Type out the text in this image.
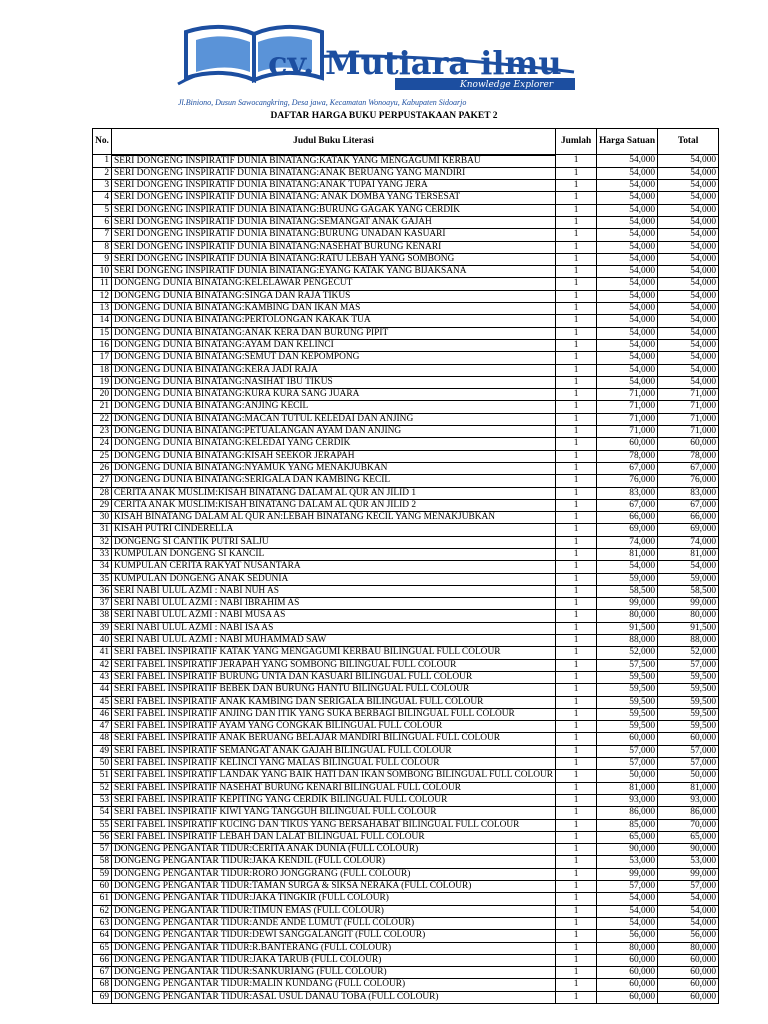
cv. Mutiara ilmu
Knowledge Explorer
Jl.Biniono, Dusun Sawocangkring, Desa jawa, Kecamatan Wonoayu, Kabupaten Sidoarjo
DAFTAR HARGA BUKU PERPUSTAKAAN PAKET 2
No.	Judul Buku Literasi	Jumlah	Harga Satuan	Total
1	SERI DONGENG INSPIRATIF DUNIA BINATANG:KATAK YANG MENGAGUMI KERBAU	1	54,000	54,000
2	SERI DONGENG INSPIRATIF DUNIA BINATANG:ANAK BERUANG YANG MANDIRI	1	54,000	54,000
3	SERI DONGENG INSPIRATIF DUNIA BINATANG:ANAK TUPAI YANG JERA	1	54,000	54,000
4	SERI DONGENG INSPIRATIF DUNIA BINATANG: ANAK DOMBA YANG TERSESAT	1	54,000	54,000
5	SERI DONGENG INSPIRATIF DUNIA BINATANG:BURUNG GAGAK YANG CERDIK	1	54,000	54,000
6	SERI DONGENG INSPIRATIF DUNIA BINATANG:SEMANGAT ANAK GAJAH	1	54,000	54,000
7	SERI DONGENG INSPIRATIF DUNIA BINATANG:BURUNG UNADAN KASUARI	1	54,000	54,000
8	SERI DONGENG INSPIRATIF DUNIA BINATANG:NASEHAT BURUNG KENARI	1	54,000	54,000
9	SERI DONGENG INSPIRATIF DUNIA BINATANG:RATU LEBAH YANG SOMBONG	1	54,000	54,000
10	SERI DONGENG INSPIRATIF DUNIA BINATANG:EYANG KATAK YANG BIJAKSANA	1	54,000	54,000
11	DONGENG DUNIA BINATANG:KELELAWAR PENGECUT	1	54,000	54,000
12	DONGENG DUNIA BINATANG:SINGA DAN RAJA TIKUS	1	54,000	54,000
13	DONGENG DUNIA BINATANG:KAMBING DAN IKAN MAS	1	54,000	54,000
14	DONGENG DUNIA BINATANG:PERTOLONGAN KAKAK TUA	1	54,000	54,000
15	DONGENG DUNIA BINATANG:ANAK KERA DAN BURUNG PIPIT	1	54,000	54,000
16	DONGENG DUNIA BINATANG:AYAM DAN KELINCI	1	54,000	54,000
17	DONGENG DUNIA BINATANG:SEMUT DAN KEPOMPONG	1	54,000	54,000
18	DONGENG DUNIA BINATANG:KERA JADI RAJA	1	54,000	54,000
19	DONGENG DUNIA BINATANG:NASIHAT IBU TIKUS	1	54,000	54,000
20	DONGENG DUNIA BINATANG:KURA KURA SANG JUARA	1	71,000	71,000
21	DONGENG DUNIA BINATANG:ANJING KECIL	1	71,000	71,000
22	DONGENG DUNIA BINATANG:MACAN TUTUL KELEDAI DAN ANJING	1	71,000	71,000
23	DONGENG DUNIA BINATANG:PETUALANGAN AYAM DAN ANJING	1	71,000	71,000
24	DONGENG DUNIA BINATANG:KELEDAI YANG CERDIK	1	60,000	60,000
25	DONGENG DUNIA BINATANG:KISAH SEEKOR JERAPAH	1	78,000	78,000
26	DONGENG DUNIA BINATANG:NYAMUK YANG MENAKJUBKAN	1	67,000	67,000
27	DONGENG DUNIA BINATANG:SERIGALA DAN KAMBING KECIL	1	76,000	76,000
28	CERITA ANAK MUSLIM:KISAH BINATANG DALAM AL QUR AN JILID 1	1	83,000	83,000
29	CERITA ANAK MUSLIM:KISAH BINATANG DALAM AL QUR AN JILID 2	1	67,000	67,000
30	KISAH BINATANG DALAM AL QUR AN:LEBAH BINATANG KECIL YANG MENAKJUBKAN	1	66,000	66,000
31	KISAH PUTRI CINDERELLA	1	69,000	69,000
32	DONGENG SI CANTIK PUTRI SALJU	1	74,000	74,000
33	KUMPULAN DONGENG SI KANCIL	1	81,000	81,000
34	KUMPULAN CERITA RAKYAT NUSANTARA	1	54,000	54,000
35	KUMPULAN DONGENG ANAK SEDUNIA	1	59,000	59,000
36	SERI NABI ULUL AZMI : NABI NUH AS	1	58,500	58,500
37	SERI NABI ULUL AZMI : NABI IBRAHIM AS	1	99,000	99,000
38	SERI NABI ULUL AZMI : NABI MUSA AS	1	80,000	80,000
39	SERI NABI ULUL AZMI : NABI ISA AS	1	91,500	91,500
40	SERI NABI ULUL AZMI : NABI MUHAMMAD SAW	1	88,000	88,000
41	SERI FABEL INSPIRATIF KATAK YANG MENGAGUMI KERBAU BILINGUAL FULL COLOUR	1	52,000	52,000
42	SERI FABEL INSPIRATIF JERAPAH YANG SOMBONG BILINGUAL FULL COLOUR	1	57,500	57,000
43	SERI FABEL INSPIRATIF BURUNG UNTA DAN KASUARI BILINGUAL FULL COLOUR	1	59,500	59,500
44	SERI FABEL INSPIRATIF BEBEK DAN BURUNG HANTU BILINGUAL FULL COLOUR	1	59,500	59,500
45	SERI FABEL INSPIRATIF ANAK KAMBING DAN SERIGALA BILINGUAL FULL COLOUR	1	59,500	59,500
46	SERI FABEL INSPIRATIF ANJING DAN ITIK YANG SUKA BERBAGI BILINGUAL FULL COLOUR	1	59,500	59,500
47	SERI FABEL INSPIRATIF AYAM YANG CONGKAK BILINGUAL FULL COLOUR	1	59,500	59,500
48	SERI FABEL INSPIRATIF ANAK BERUANG BELAJAR MANDIRI BILINGUAL FULL COLOUR	1	60,000	60,000
49	SERI FABEL INSPIRATIF SEMANGAT ANAK GAJAH BILINGUAL FULL COLOUR	1	57,000	57,000
50	SERI FABEL INSPIRATIF KELINCI YANG MALAS BILINGUAL FULL COLOUR	1	57,000	57,000
51	SERI FABEL INSPIRATIF LANDAK YANG BAIK HATI DAN IKAN SOMBONG BILINGUAL FULL COLOUR	1	50,000	50,000
52	SERI FABEL INSPIRATIF NASEHAT BURUNG KENARI BILINGUAL FULL COLOUR	1	81,000	81,000
53	SERI FABEL INSPIRATIF KEPITING YANG CERDIK BILINGUAL FULL COLOUR	1	93,000	93,000
54	SERI FABEL INSPIRATIF KIWI YANG TANGGUH BILINGUAL FULL COLOUR	1	86,000	86,000
55	SERI FABEL INSPIRATIF KUCING DAN TIKUS YANG BERSAHABAT BILINGUAL FULL COLOUR	1	85,000	70,000
56	SERI FABEL INSPIRATIF LEBAH DAN LALAT BILINGUAL FULL COLOUR	1	65,000	65,000
57	DONGENG PENGANTAR TIDUR:CERITA ANAK DUNIA (FULL COLOUR)	1	90,000	90,000
58	DONGENG PENGANTAR TIDUR:JAKA KENDIL (FULL COLOUR)	1	53,000	53,000
59	DONGENG PENGANTAR TIDUR:RORO JONGGRANG (FULL COLOUR)	1	99,000	99,000
60	DONGENG PENGANTAR TIDUR:TAMAN SURGA & SIKSA NERAKA (FULL COLOUR)	1	57,000	57,000
61	DONGENG PENGANTAR TIDUR:JAKA TINGKIR (FULL COLOUR)	1	54,000	54,000
62	DONGENG PENGANTAR TIDUR:TIMUN EMAS (FULL COLOUR)	1	54,000	54,000
63	DONGENG PENGANTAR TIDUR:ANDE ANDE LUMUT (FULL COLOUR)	1	54,000	54,000
64	DONGENG PENGANTAR TIDUR:DEWI SANGGALANGIT (FULL COLOUR)	1	56,000	56,000
65	DONGENG PENGANTAR TIDUR:R.BANTERANG (FULL COLOUR)	1	80,000	80,000
66	DONGENG PENGANTAR TIDUR:JAKA TARUB (FULL COLOUR)	1	60,000	60,000
67	DONGENG PENGANTAR TIDUR:SANKURIANG (FULL COLOUR)	1	60,000	60,000
68	DONGENG PENGANTAR TIDUR:MALIN KUNDANG (FULL COLOUR)	1	60,000	60,000
69	DONGENG PENGANTAR TIDUR:ASAL USUL DANAU TOBA (FULL COLOUR)	1	60,000	60,000
